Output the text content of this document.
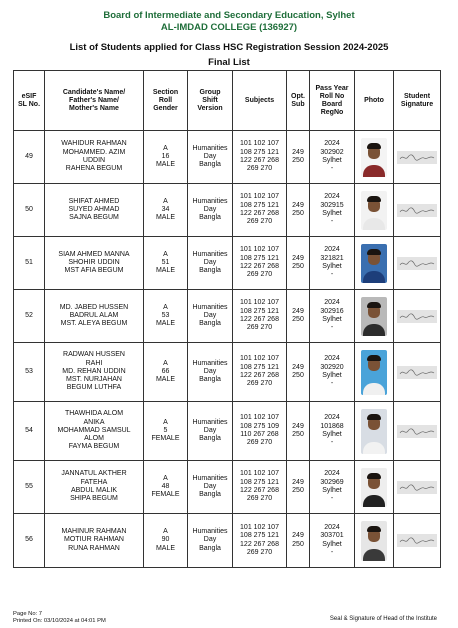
Board of Intermediate and Secondary Education, Sylhet
AL-IMDAD COLLEGE (136927)
List of Students applied for Class HSC Registration Session 2024-2025
Final List
eSIF
SL No.	Candidate's Name/
Father's Name/
Mother's Name	Section
Roll
Gender	Group
Shift
Version	Subjects	Opt.
Sub	Pass Year
Roll No
Board
RegNo	Photo	Student
Signature

49	WAHIDUR RAHMAN
MOHAMMED. AZIM
UDDIN
RAHENA BEGUM	A
16
MALE	Humanities
Day
Bangla	101 102 107
108 275 121
122 267 268
269 270	249
250	2024
302902
Sylhet
-

50	SHIFAT AHMED
SUYED AHMAD
SAJNA BEGUM	A
34
MALE	Humanities
Day
Bangla	101 102 107
108 275 121
122 267 268
269 270	249
250	2024
302915
Sylhet
-

51	SIAM AHMED MANNA
SHOHIR UDDIN
MST AFIA BEGUM	A
51
MALE	Humanities
Day
Bangla	101 102 107
108 275 121
122 267 268
269 270	249
250	2024
321821
Sylhet
-

52	MD. JABED HUSSEN
BADRUL ALAM
MST. ALEYA BEGUM	A
53
MALE	Humanities
Day
Bangla	101 102 107
108 275 121
122 267 268
269 270	249
250	2024
302916
Sylhet
-

53	RADWAN HUSSEN
RAHI
MD. REHAN UDDIN
MST. NURJAHAN
BEGUM LUTHFA	A
66
MALE	Humanities
Day
Bangla	101 102 107
108 275 121
122 267 268
269 270	249
250	2024
302920
Sylhet
-

54	THAWHIDA ALOM
ANIKA
MOHAMMAD SAMSUL
ALOM
FAYMA BEGUM	A
5
FEMALE	Humanities
Day
Bangla	101 102 107
108 275 109
110 267 268
269 270	249
250	2024
101868
Sylhet
-

55	JANNATUL AKTHER
FATEHA
ABDUL MALIK
SHIPA BEGUM	A
48
FEMALE	Humanities
Day
Bangla	101 102 107
108 275 121
122 267 268
269 270	249
250	2024
302969
Sylhet
-

56	MAHINUR RAHMAN
MOTIUR RAHMAN
RUNA RAHMAN	A
90
MALE	Humanities
Day
Bangla	101 102 107
108 275 121
122 267 268
269 270	249
250	2024
303701
Sylhet
-

Page No: 7
Printed On: 03/10/2024 at 04:01 PM	Seal & Signature of Head of the Institute
